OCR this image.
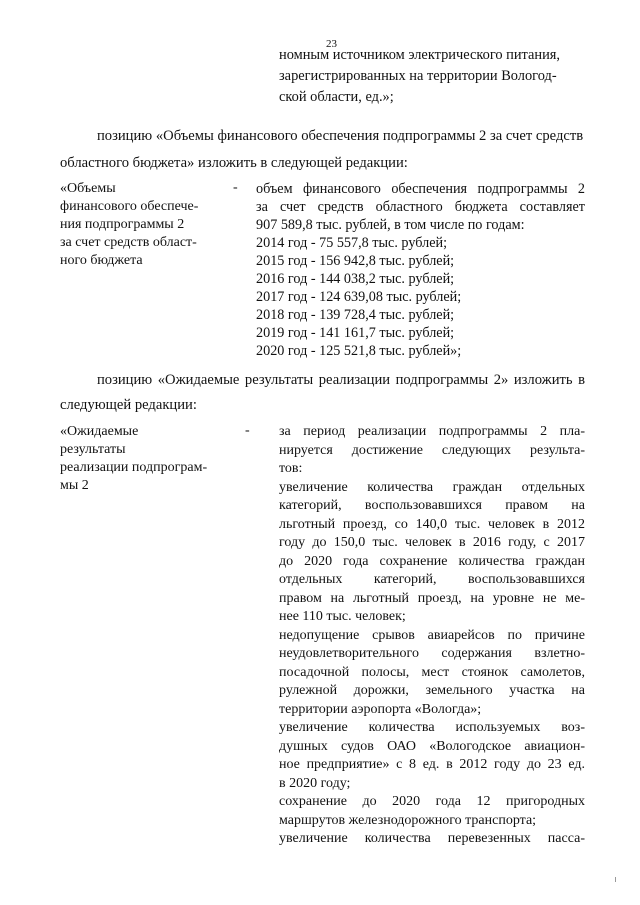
23
номным источником электрического питания,
зарегистрированных на территории Вологод-
ской области, ед.»;
позицию «Объемы финансового обеспечения подпрограммы 2 за счет средств
областного бюджета» изложить в следующей редакции:
«Объемы
финансового обеспече-
ния подпрограммы 2
за счет средств област-
ного бюджета
- объем финансового обеспечения подпрограммы 2
за счет средств областного бюджета составляет
907 589,8 тыс. рублей, в том числе по годам:
2014 год - 75 557,8 тыс. рублей;
2015 год - 156 942,8 тыс. рублей;
2016 год - 144 038,2 тыс. рублей;
2017 год - 124 639,08 тыс. рублей;
2018 год - 139 728,4 тыс. рублей;
2019 год - 141 161,7 тыс. рублей;
2020 год - 125 521,8 тыс. рублей»;
позицию «Ожидаемые результаты реализации подпрограммы 2» изложить в
следующей редакции:
«Ожидаемые
результаты
реализации подпрограм-
мы 2
- за период реализации подпрограммы 2 пла-
нируется достижение следующих результа-
тов:
увеличение количества граждан отдельных
категорий, воспользовавшихся правом на
льготный проезд, со 140,0 тыс. человек в 2012
году до 150,0 тыс. человек в 2016 году, с 2017
до 2020 года сохранение количества граждан
отдельных категорий, воспользовавшихся
правом на льготный проезд, на уровне не ме-
нее 110 тыс. человек;
недопущение срывов авиарейсов по причине
неудовлетворительного содержания взлетно-
посадочной полосы, мест стоянок самолетов,
рулежной дорожки, земельного участка на
территории аэропорта «Вологда»;
увеличение количества используемых воз-
душных судов ОАО «Вологодское авиацион-
ное предприятие» с 8 ед. в 2012 году до 23 ед.
в 2020 году;
сохранение до 2020 года 12 пригородных
маршрутов железнодорожного транспорта;
увеличение количества перевезенных пасса-
